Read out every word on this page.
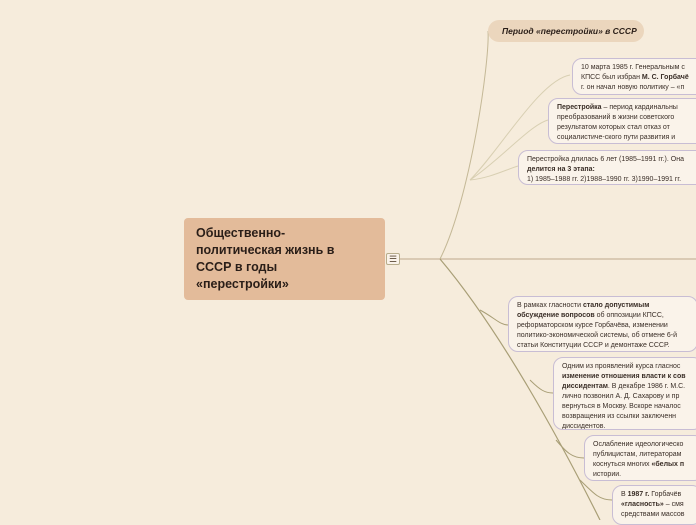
Общественно-
политическая жизнь в
СССР в годы
«перестройки»
☰
Период «перестройки» в СССР
10 марта 1985 г. Генеральным с
КПСС был избран М. С. Горбачё
г. он начал новую политику – «п
Перестройка – период кардинальны
преобразований в жизни советского
результатом которых стал отказ от
социалистиче-ского пути развития и
Перестройка длилась 6 лет (1985–1991 гг.). Она
делится на 3 этапа:
1) 1985–1988 гг. 2)1988–1990 гг. 3)1990–1991 гг.
В рамках гласности стало допустимым
обсуждение вопросов об оппозиции КПСС,
реформаторском курсе Горбачёва, изменении
политико-экономической системы, об отмене 6-й
статьи Конституции СССР и демонтаже СССР.
Одним из проявлений курса гласнос
изменение отношения власти к сов
диссидентам. В декабре 1986 г. М.С.
лично позвонил А. Д. Сахарову и пр
вернуться в Москву. Вскоре началос
возвращения из ссылки заключенн
диссидентов.
Ослабление идеологическо
публицистам, литераторам
коснуться многих «белых п
истории.
В 1987 г. Горбачёв
«гласность» – смя
средствами массов
